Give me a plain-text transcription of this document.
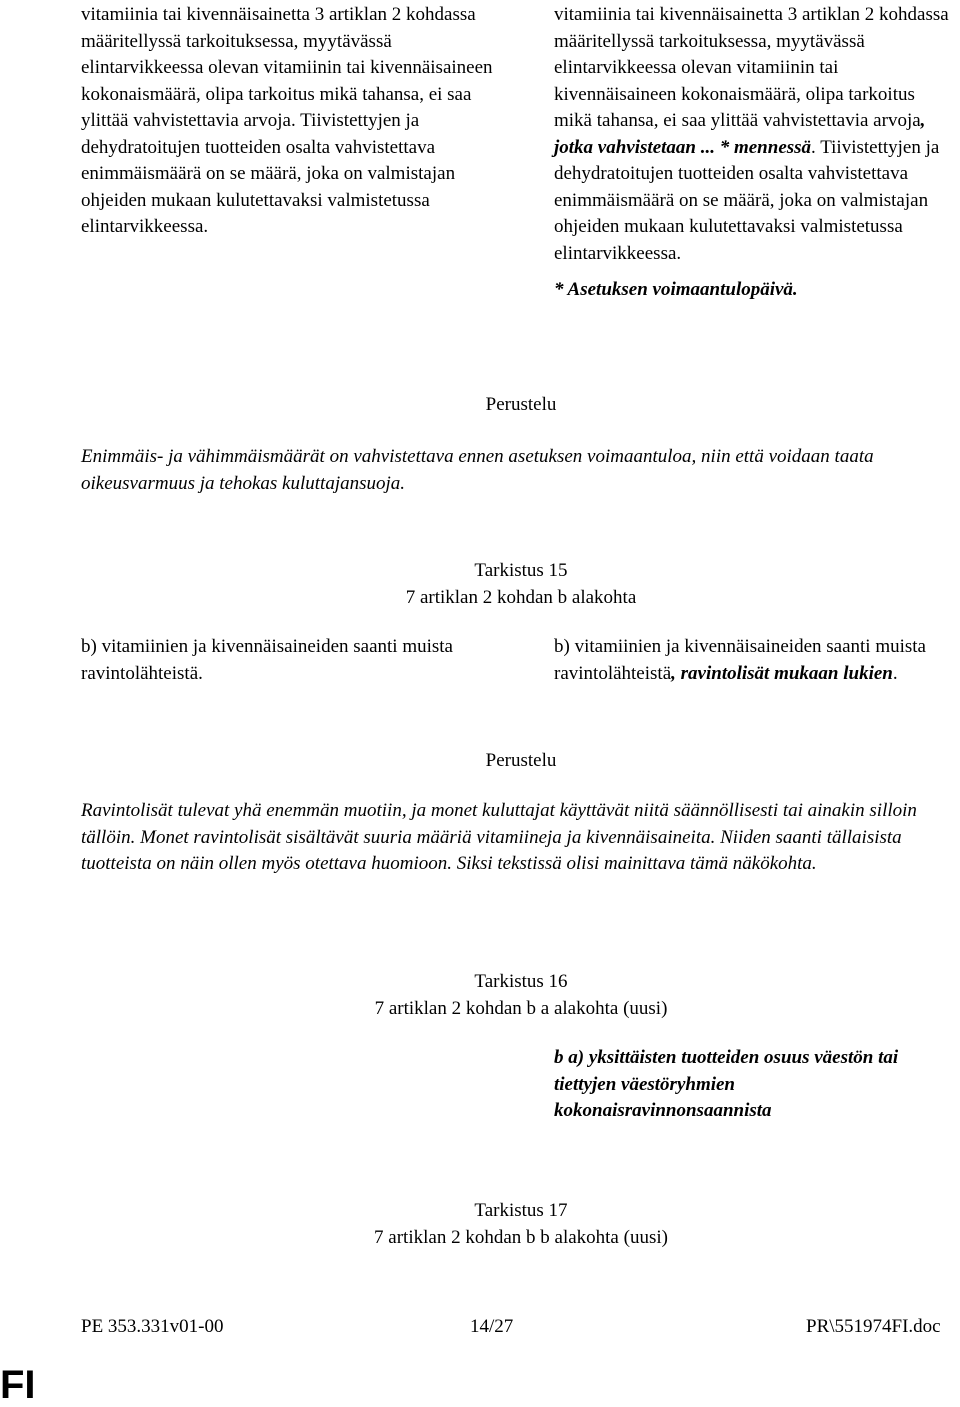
vitamiinia tai kivennäisainetta 3 artiklan 2 kohdassa määritellyssä tarkoituksessa, myytävässä elintarvikkeessa olevan vitamiinin tai kivennäisaineen kokonaismäärä, olipa tarkoitus mikä tahansa, ei saa ylittää vahvistettavia arvoja. Tiivistettyjen ja dehydratoitujen tuotteiden osalta vahvistettava enimmäismäärä on se määrä, joka on valmistajan ohjeiden mukaan kulutettavaksi valmistetussa elintarvikkeessa.

vitamiinia tai kivennäisainetta 3 artiklan 2 kohdassa määritellyssä tarkoituksessa, myytävässä elintarvikkeessa olevan vitamiinin tai kivennäisaineen kokonaismäärä, olipa tarkoitus mikä tahansa, ei saa ylittää vahvistettavia arvoja, jotka vahvistetaan ... * mennessä. Tiivistettyjen ja dehydratoitujen tuotteiden osalta vahvistettava enimmäismäärä on se määrä, joka on valmistajan ohjeiden mukaan kulutettavaksi valmistetussa elintarvikkeessa.

* Asetuksen voimaantulopäivä.

Perustelu
Enimmäis- ja vähimmäismäärät on vahvistettava ennen asetuksen voimaantuloa, niin että voidaan taata oikeusvarmuus ja tehokas kuluttajansuoja.
Tarkistus 15
7 artiklan 2 kohdan b alakohta

b) vitamiinien ja kivennäisaineiden saanti muista ravintolähteistä.

b) vitamiinien ja kivennäisaineiden saanti muista ravintolähteistä, ravintolisät mukaan lukien.

Perustelu
Ravintolisät tulevat yhä enemmän muotiin, ja monet kuluttajat käyttävät niitä säännöllisesti tai ainakin silloin tällöin. Monet ravintolisät sisältävät suuria määriä vitamiineja ja kivennäisaineita. Niiden saanti tällaisista tuotteista on näin ollen myös otettava huomioon. Siksi tekstissä olisi mainittava tämä näkökohta.
Tarkistus 16
7 artiklan 2 kohdan b a alakohta (uusi)

b a) yksittäisten tuotteiden osuus väestön tai tiettyjen väestöryhmien kokonaisravinnonsaannista

Tarkistus 17
7 artiklan 2 kohdan b b alakohta (uusi)
PE 353.331v01-00	14/27	PR\551974FI.doc
FI
